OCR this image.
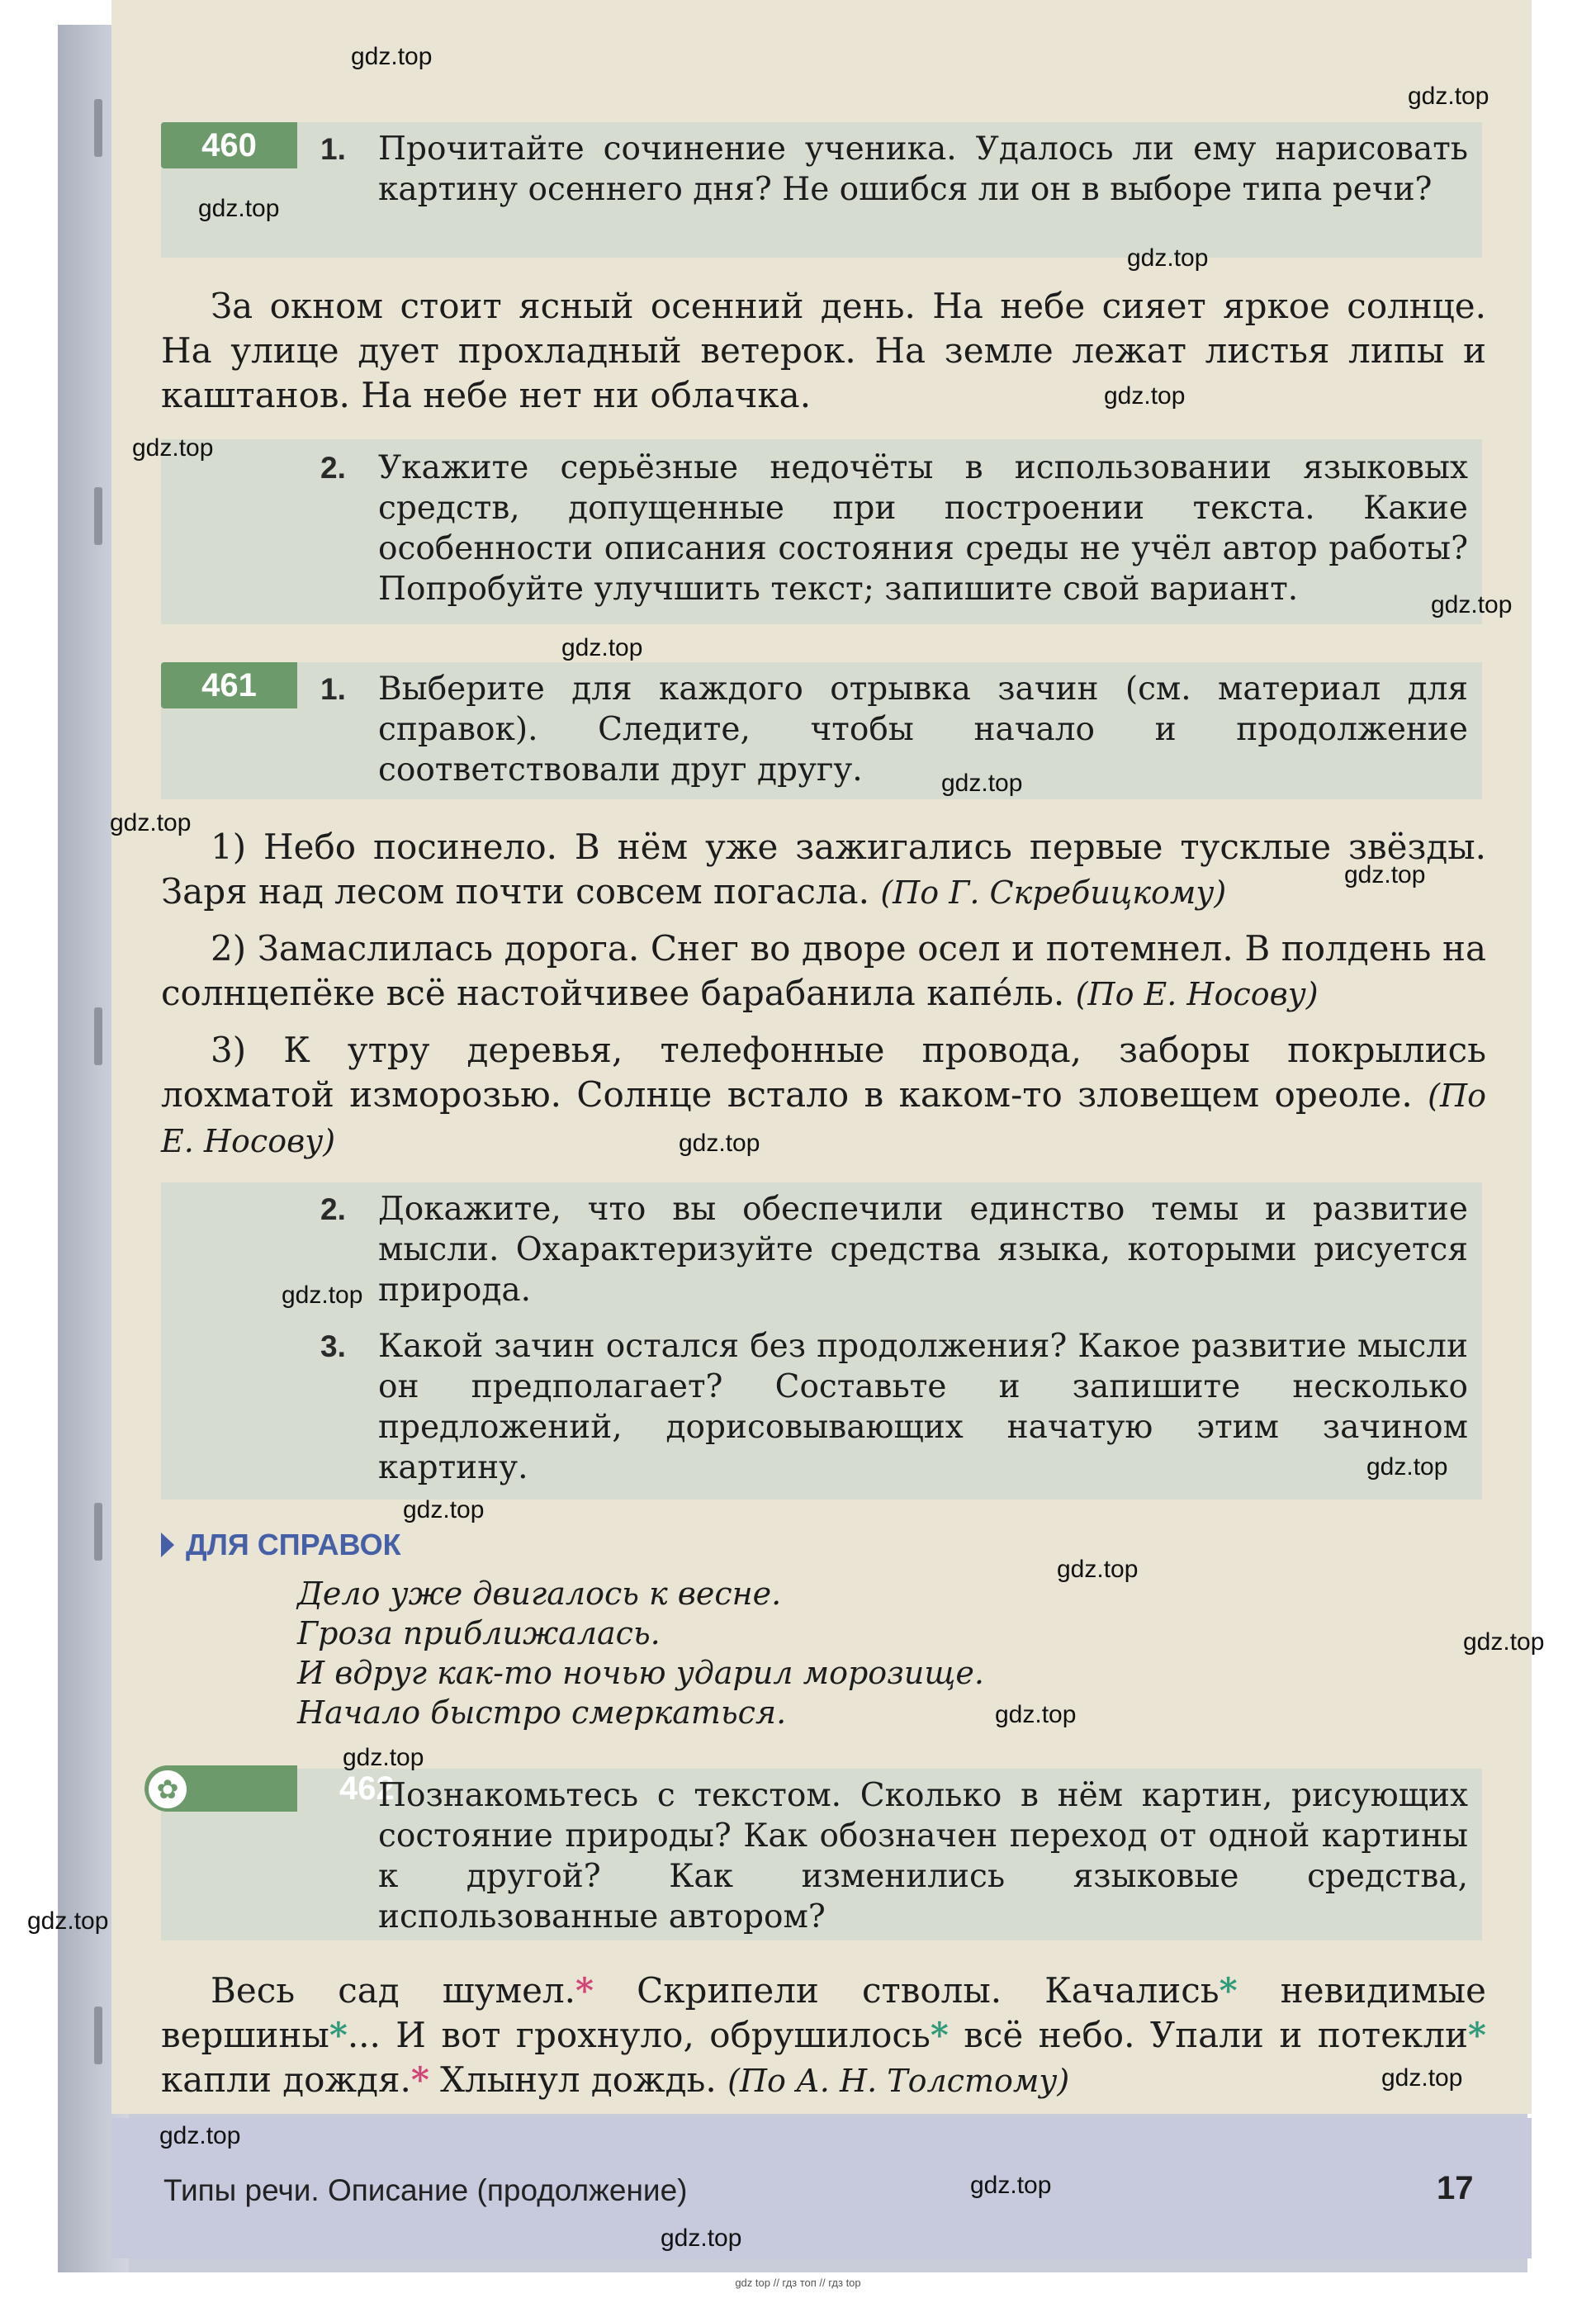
460	1. Прочитайте сочинение ученика. Удалось ли ему нарисовать картину осеннего дня? Не ошибся ли он в выборе типа речи?
За окном стоит ясный осенний день. На небе сияет яркое солнце. На улице дует прохладный ветерок. На земле лежат листья липы и каштанов. На небе нет ни облачка.
2. Укажите серьёзные недочёты в использовании языковых средств, допущенные при построении текста. Какие особенности описания состояния среды не учёл автор работы? Попробуйте улучшить текст; запишите свой вариант.
461	1. Выберите для каждого отрывка зачин (см. материал для справок). Следите, чтобы начало и продолжение соответствовали друг другу.
1) Небо посинело. В нём уже зажигались первые тусклые звёзды. Заря над лесом почти совсем погасла. (По Г. Скребицкому)
2) Замаслилась дорога. Снег во дворе осел и потемнел. В полдень на солнцепёке всё настойчивее барабанила капе́ль. (По Е. Носову)
3) К утру деревья, телефонные провода, заборы покрылись лохматой изморозью. Солнце встало в каком-то зловещем ореоле. (По Е. Носову)
2. Докажите, что вы обеспечили единство темы и развитие мысли. Охарактеризуйте средства языка, которыми рисуется природа.
3. Какой зачин остался без продолжения? Какое развитие мысли он предполагает? Составьте и запишите несколько предложений, дорисовывающих начатую этим зачином картину.
ДЛЯ СПРАВОК
Дело уже двигалось к весне.
Гроза приближалась.
И вдруг как-то ночью ударил морозище.
Начало быстро смеркаться.
462
✿	Познакомьтесь с текстом. Сколько в нём картин, рисующих состояние природы? Как обозначен переход от одной картины к другой? Как изменились языковые средства, использованные автором?
Весь сад шумел.* Скрипели стволы. Качались* невидимые вершины*... И вот грохнуло, обрушилось* всё небо. Упали и потекли* капли дождя.* Хлынул дождь. (По А. Н. Толстому)
Типы речи. Описание (продолжение)	17
gdz.top
gdz.top
gdz.top
gdz.top
gdz.top
gdz.top
gdz.top
gdz.top
gdz.top
gdz.top
gdz.top
gdz.top
gdz.top
gdz.top
gdz.top
gdz.top
gdz.top
gdz.top
gdz.top
gdz.top
gdz.top
gdz.top
gdz.top
gdz.top
gdz top // гдз топ // гдз top
